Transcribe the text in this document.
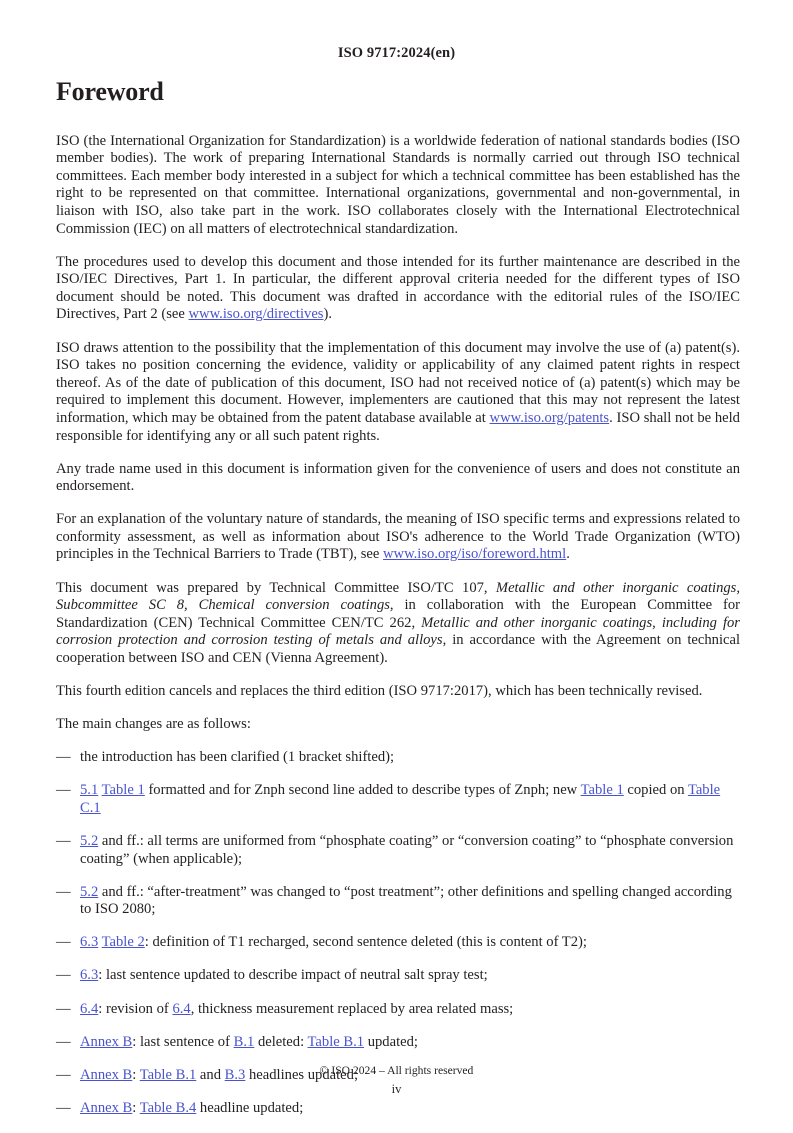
ISO 9717:2024(en)
Foreword

ISO (the International Organization for Standardization) is a worldwide federation of national standards bodies (ISO member bodies). The work of preparing International Standards is normally carried out through ISO technical committees. Each member body interested in a subject for which a technical committee has been established has the right to be represented on that committee. International organizations, governmental and non-governmental, in liaison with ISO, also take part in the work. ISO collaborates closely with the International Electrotechnical Commission (IEC) on all matters of electrotechnical standardization.

The procedures used to develop this document and those intended for its further maintenance are described in the ISO/IEC Directives, Part 1. In particular, the different approval criteria needed for the different types of ISO document should be noted. This document was drafted in accordance with the editorial rules of the ISO/IEC Directives, Part 2 (see www.iso.org/directives).

ISO draws attention to the possibility that the implementation of this document may involve the use of (a) patent(s). ISO takes no position concerning the evidence, validity or applicability of any claimed patent rights in respect thereof. As of the date of publication of this document, ISO had not received notice of (a) patent(s) which may be required to implement this document. However, implementers are cautioned that this may not represent the latest information, which may be obtained from the patent database available at www.iso.org/patents. ISO shall not be held responsible for identifying any or all such patent rights.

Any trade name used in this document is information given for the convenience of users and does not constitute an endorsement.

For an explanation of the voluntary nature of standards, the meaning of ISO specific terms and expressions related to conformity assessment, as well as information about ISO's adherence to the World Trade Organization (WTO) principles in the Technical Barriers to Trade (TBT), see www.iso.org/iso/foreword.html.

This document was prepared by Technical Committee ISO/TC 107, Metallic and other inorganic coatings, Subcommittee SC 8, Chemical conversion coatings, in collaboration with the European Committee for Standardization (CEN) Technical Committee CEN/TC 262, Metallic and other inorganic coatings, including for corrosion protection and corrosion testing of metals and alloys, in accordance with the Agreement on technical cooperation between ISO and CEN (Vienna Agreement).

This fourth edition cancels and replaces the third edition (ISO 9717:2017), which has been technically revised.

The main changes are as follows:

— the introduction has been clarified (1 bracket shifted);
— 5.1 Table 1 formatted and for Znph second line added to describe types of Znph; new Table 1 copied on Table C.1
— 5.2 and ff.: all terms are uniformed from “phosphate coating” or “conversion coating” to “phosphate conversion coating” (when applicable);
— 5.2 and ff.: “after-treatment” was changed to “post treatment”; other definitions and spelling changed according to ISO 2080;
— 6.3 Table 2: definition of T1 recharged, second sentence deleted (this is content of T2);
— 6.3: last sentence updated to describe impact of neutral salt spray test;
— 6.4: revision of 6.4, thickness measurement replaced by area related mass;
— Annex B: last sentence of B.1 deleted: Table B.1 updated;
— Annex B: Table B.1 and B.3 headlines updated;
— Annex B: Table B.4 headline updated;
© ISO 2024 – All rights reserved
iv
